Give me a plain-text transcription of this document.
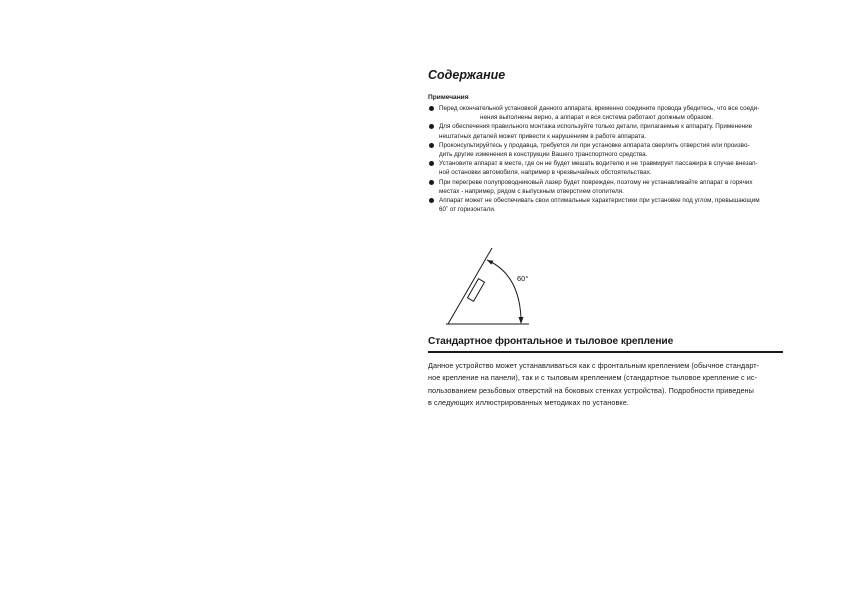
Содержание
Примечания
Перед окончательной установкой данного аппарата, временно соедините провода убедитесь, что все соеди-
нения выполнены верно, а аппарат и вся система работают должным образом.
Для обеспечения правильного монтажа используйте только детали, прилагаемые к аппарату. Применение
нештатных деталей может привести к нарушениям в работе аппарата.
Проконсультируйтесь у продавца, требуется ли при установке аппарата сверлить отверстия или произво-
дить другие изменения в конструкции Вашего транспортного средства.
Установите аппарат в месте, где он не будет мешать водителю и не травмирует пассажира в случае внезап-
ной остановки автомобиля, например в чрезвычайных обстоятельствах.
При перегреве полупроводниковый лазер будет поврежден, поэтому не устанавливайте аппарат в горячих
местах - например, рядом с выпускным отверстием отопителя.
Аппарат может не обеспечивать свои оптимальные характеристики при установке под углом, превышающим
60˚ от горизонтали.
60°
Стандартное фронтальное и тыловое крепление
Данное устройство может устанавливаться как с фронтальным креплением (обычное стандарт-
ное крепление на панели), так и с тыловым креплением (стандартное тыловое крепление с ис-
пользованием резьбовых отверстий на боковых стенках устройства). Подробности приведены
в следующих иллюстрированных методиках по установке.
